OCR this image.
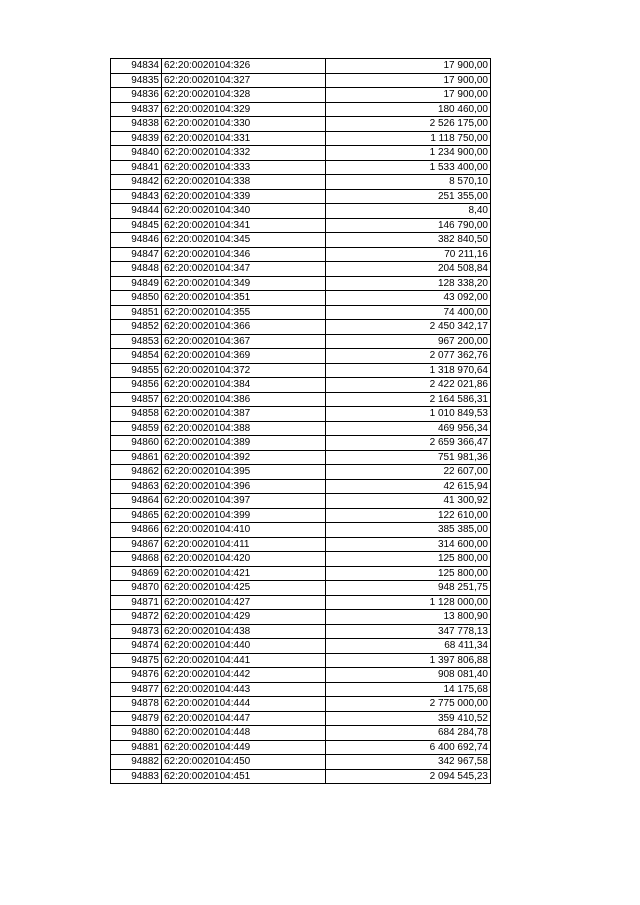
94834	62:20:0020104:326	17 900,00
94835	62:20:0020104:327	17 900,00
94836	62:20:0020104:328	17 900,00
94837	62:20:0020104:329	180 460,00
94838	62:20:0020104:330	2 526 175,00
94839	62:20:0020104:331	1 118 750,00
94840	62:20:0020104:332	1 234 900,00
94841	62:20:0020104:333	1 533 400,00
94842	62:20:0020104:338	8 570,10
94843	62:20:0020104:339	251 355,00
94844	62:20:0020104:340	8,40
94845	62:20:0020104:341	146 790,00
94846	62:20:0020104:345	382 840,50
94847	62:20:0020104:346	70 211,16
94848	62:20:0020104:347	204 508,84
94849	62:20:0020104:349	128 338,20
94850	62:20:0020104:351	43 092,00
94851	62:20:0020104:355	74 400,00
94852	62:20:0020104:366	2 450 342,17
94853	62:20:0020104:367	967 200,00
94854	62:20:0020104:369	2 077 362,76
94855	62:20:0020104:372	1 318 970,64
94856	62:20:0020104:384	2 422 021,86
94857	62:20:0020104:386	2 164 586,31
94858	62:20:0020104:387	1 010 849,53
94859	62:20:0020104:388	469 956,34
94860	62:20:0020104:389	2 659 366,47
94861	62:20:0020104:392	751 981,36
94862	62:20:0020104:395	22 607,00
94863	62:20:0020104:396	42 615,94
94864	62:20:0020104:397	41 300,92
94865	62:20:0020104:399	122 610,00
94866	62:20:0020104:410	385 385,00
94867	62:20:0020104:411	314 600,00
94868	62:20:0020104:420	125 800,00
94869	62:20:0020104:421	125 800,00
94870	62:20:0020104:425	948 251,75
94871	62:20:0020104:427	1 128 000,00
94872	62:20:0020104:429	13 800,90
94873	62:20:0020104:438	347 778,13
94874	62:20:0020104:440	68 411,34
94875	62:20:0020104:441	1 397 806,88
94876	62:20:0020104:442	908 081,40
94877	62:20:0020104:443	14 175,68
94878	62:20:0020104:444	2 775 000,00
94879	62:20:0020104:447	359 410,52
94880	62:20:0020104:448	684 284,78
94881	62:20:0020104:449	6 400 692,74
94882	62:20:0020104:450	342 967,58
94883	62:20:0020104:451	2 094 545,23
